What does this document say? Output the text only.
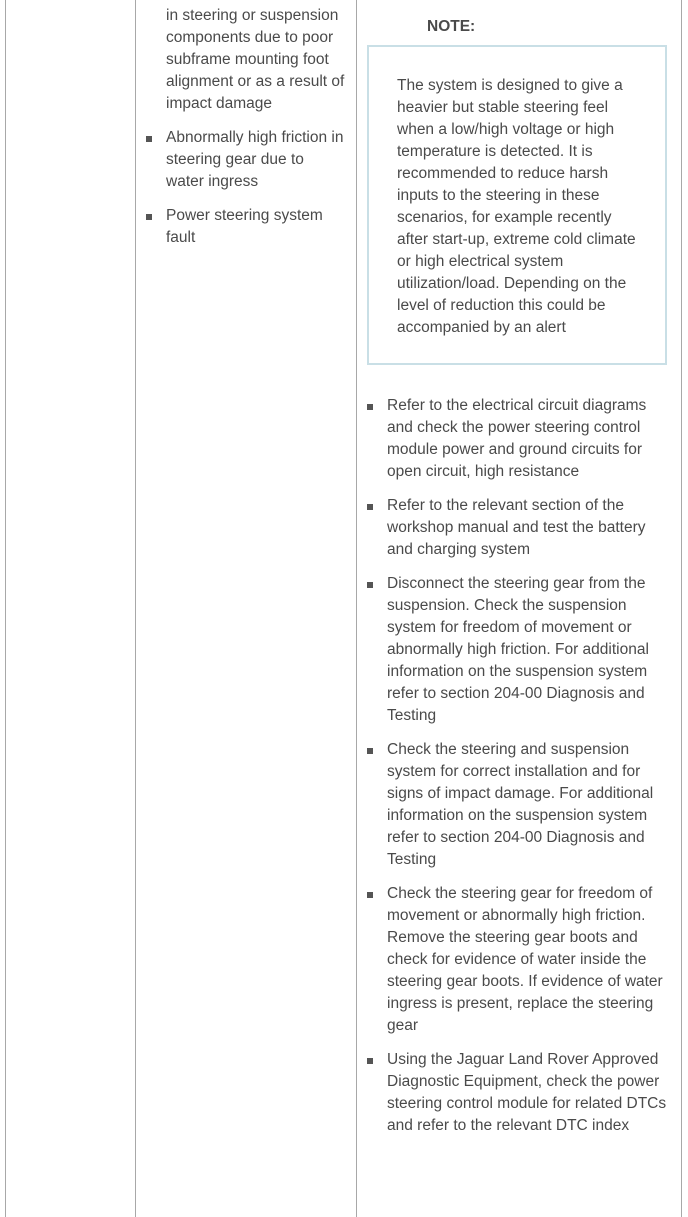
in steering or suspension components due to poor subframe mounting foot alignment or as a result of impact damage
Abnormally high friction in steering gear due to water ingress
Power steering system fault
NOTE:
The system is designed to give a heavier but stable steering feel when a low/high voltage or high temperature is detected. It is recommended to reduce harsh inputs to the steering in these scenarios, for example recently after start-up, extreme cold climate or high electrical system utilization/load. Depending on the level of reduction this could be accompanied by an alert
Refer to the electrical circuit diagrams and check the power steering control module power and ground circuits for open circuit, high resistance
Refer to the relevant section of the workshop manual and test the battery and charging system
Disconnect the steering gear from the suspension. Check the suspension system for freedom of movement or abnormally high friction. For additional information on the suspension system refer to section 204-00 Diagnosis and Testing
Check the steering and suspension system for correct installation and for signs of impact damage. For additional information on the suspension system refer to section 204-00 Diagnosis and Testing
Check the steering gear for freedom of movement or abnormally high friction. Remove the steering gear boots and check for evidence of water inside the steering gear boots. If evidence of water ingress is present, replace the steering gear
Using the Jaguar Land Rover Approved Diagnostic Equipment, check the power steering control module for related DTCs and refer to the relevant DTC index
